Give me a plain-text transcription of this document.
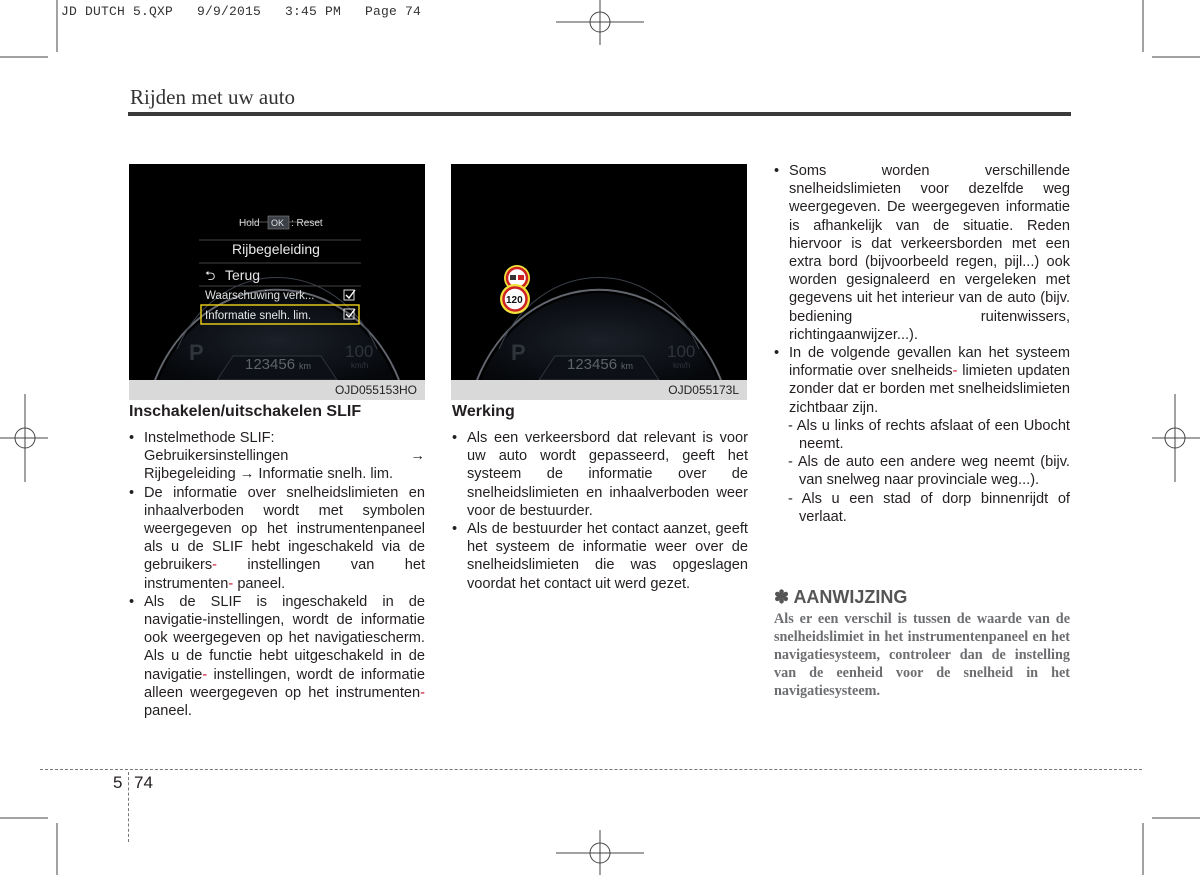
JD DUTCH 5.QXP   9/9/2015   3:45 PM   Page 74
Rijden met uw auto
Hold OK : Reset
Rijbegeleiding
⮌ Terug
Waarschuwing verk...
Informatie snelh. lim.
123456 km
P	100
km/h
OJD055153HO
120
123456 km
P	100
km/h
OJD055173L
Inschakelen/uitschakelen SLIF
• Instelmethode SLIF:

Gebruikersinstellingen	→
Rijbegeleiding → Informatie snelh. lim.
• De informatie over snelheidslimieten en inhaalverboden wordt met symbolen weergegeven op het instrumentenpaneel als u de SLIF hebt ingeschakeld via de gebruikers- instellingen van het instrumenten- paneel.
• Als de SLIF is ingeschakeld in de navigatie-instellingen, wordt de informatie ook weergegeven op het navigatiescherm. Als u de functie hebt uitgeschakeld in de navigatie- instellingen, wordt de informatie alleen weergegeven op het instrumenten- paneel.
Werking
• Als een verkeersbord dat relevant is voor uw auto wordt gepasseerd, geeft het systeem de informatie over de snelheidslimieten en inhaalverboden weer voor de bestuurder.
• Als de bestuurder het contact aanzet, geeft het systeem de informatie weer over de snelheidslimieten die was opgeslagen voordat het contact uit werd gezet.
• Soms worden verschillende snelheidslimieten voor dezelfde weg weergegeven. De weergegeven informatie is afhankelijk van de situatie. Reden hiervoor is dat verkeersborden met een extra bord (bijvoorbeeld regen, pijl...) ook worden gesignaleerd en vergeleken met gegevens uit het interieur van de auto (bijv. bediening ruitenwissers, richtingaanwijzer...).
• In de volgende gevallen kan het systeem informatie over snelheids- limieten updaten zonder dat er borden met snelheidslimieten zichtbaar zijn.
- Als u links of rechts afslaat of een Ubocht neemt.
- Als de auto een andere weg neemt (bijv. van snelweg naar provinciale weg...).
- Als u een stad of dorp binnenrijdt of verlaat.
✽ AANWIJZING
Als er een verschil is tussen de waarde van de snelheidslimiet in het instrumentenpaneel en het navigatiesysteem, controleer dan de instelling van de eenheid voor de snelheid in het navigatiesysteem.
5 74
